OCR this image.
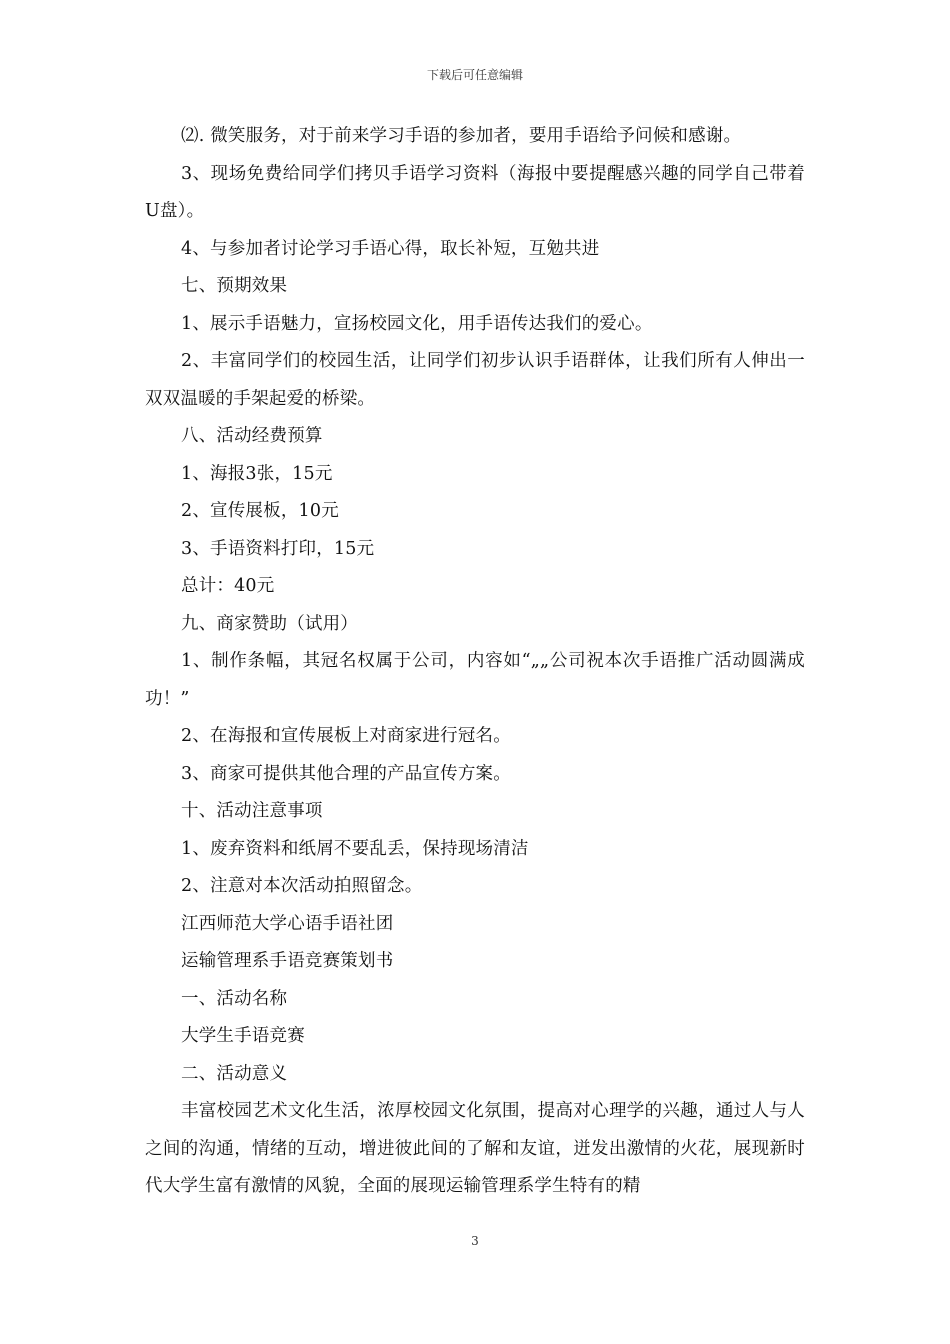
下载后可任意编辑

⑵. 微笑服务，对于前来学习手语的参加者，要用手语给予问候和感谢。

3、现场免费给同学们拷贝手语学习资料（海报中要提醒感兴趣的同学自己带着U盘）。

4、与参加者讨论学习手语心得，取长补短，互勉共进

七、预期效果

1、展示手语魅力，宣扬校园文化，用手语传达我们的爱心。

2、丰富同学们的校园生活，让同学们初步认识手语群体，让我们所有人伸出一双双温暖的手架起爱的桥梁。

八、活动经费预算

1、海报3张，15元

2、宣传展板，10元

3、手语资料打印，15元

总计：40元

九、商家赞助（试用）

1、制作条幅，其冠名权属于公司，内容如“„„公司祝本次手语推广活动圆满成功！”

2、在海报和宣传展板上对商家进行冠名。

3、商家可提供其他合理的产品宣传方案。

十、活动注意事项

1、废弃资料和纸屑不要乱丢，保持现场清洁

2、注意对本次活动拍照留念。

江西师范大学心语手语社团

运输管理系手语竞赛策划书

一、活动名称

大学生手语竞赛

二、活动意义

丰富校园艺术文化生活，浓厚校园文化氛围，提高对心理学的兴趣，通过人与人之间的沟通，情绪的互动，增进彼此间的了解和友谊，迸发出激情的火花，展现新时代大学生富有激情的风貌，全面的展现运输管理系学生特有的精

3
